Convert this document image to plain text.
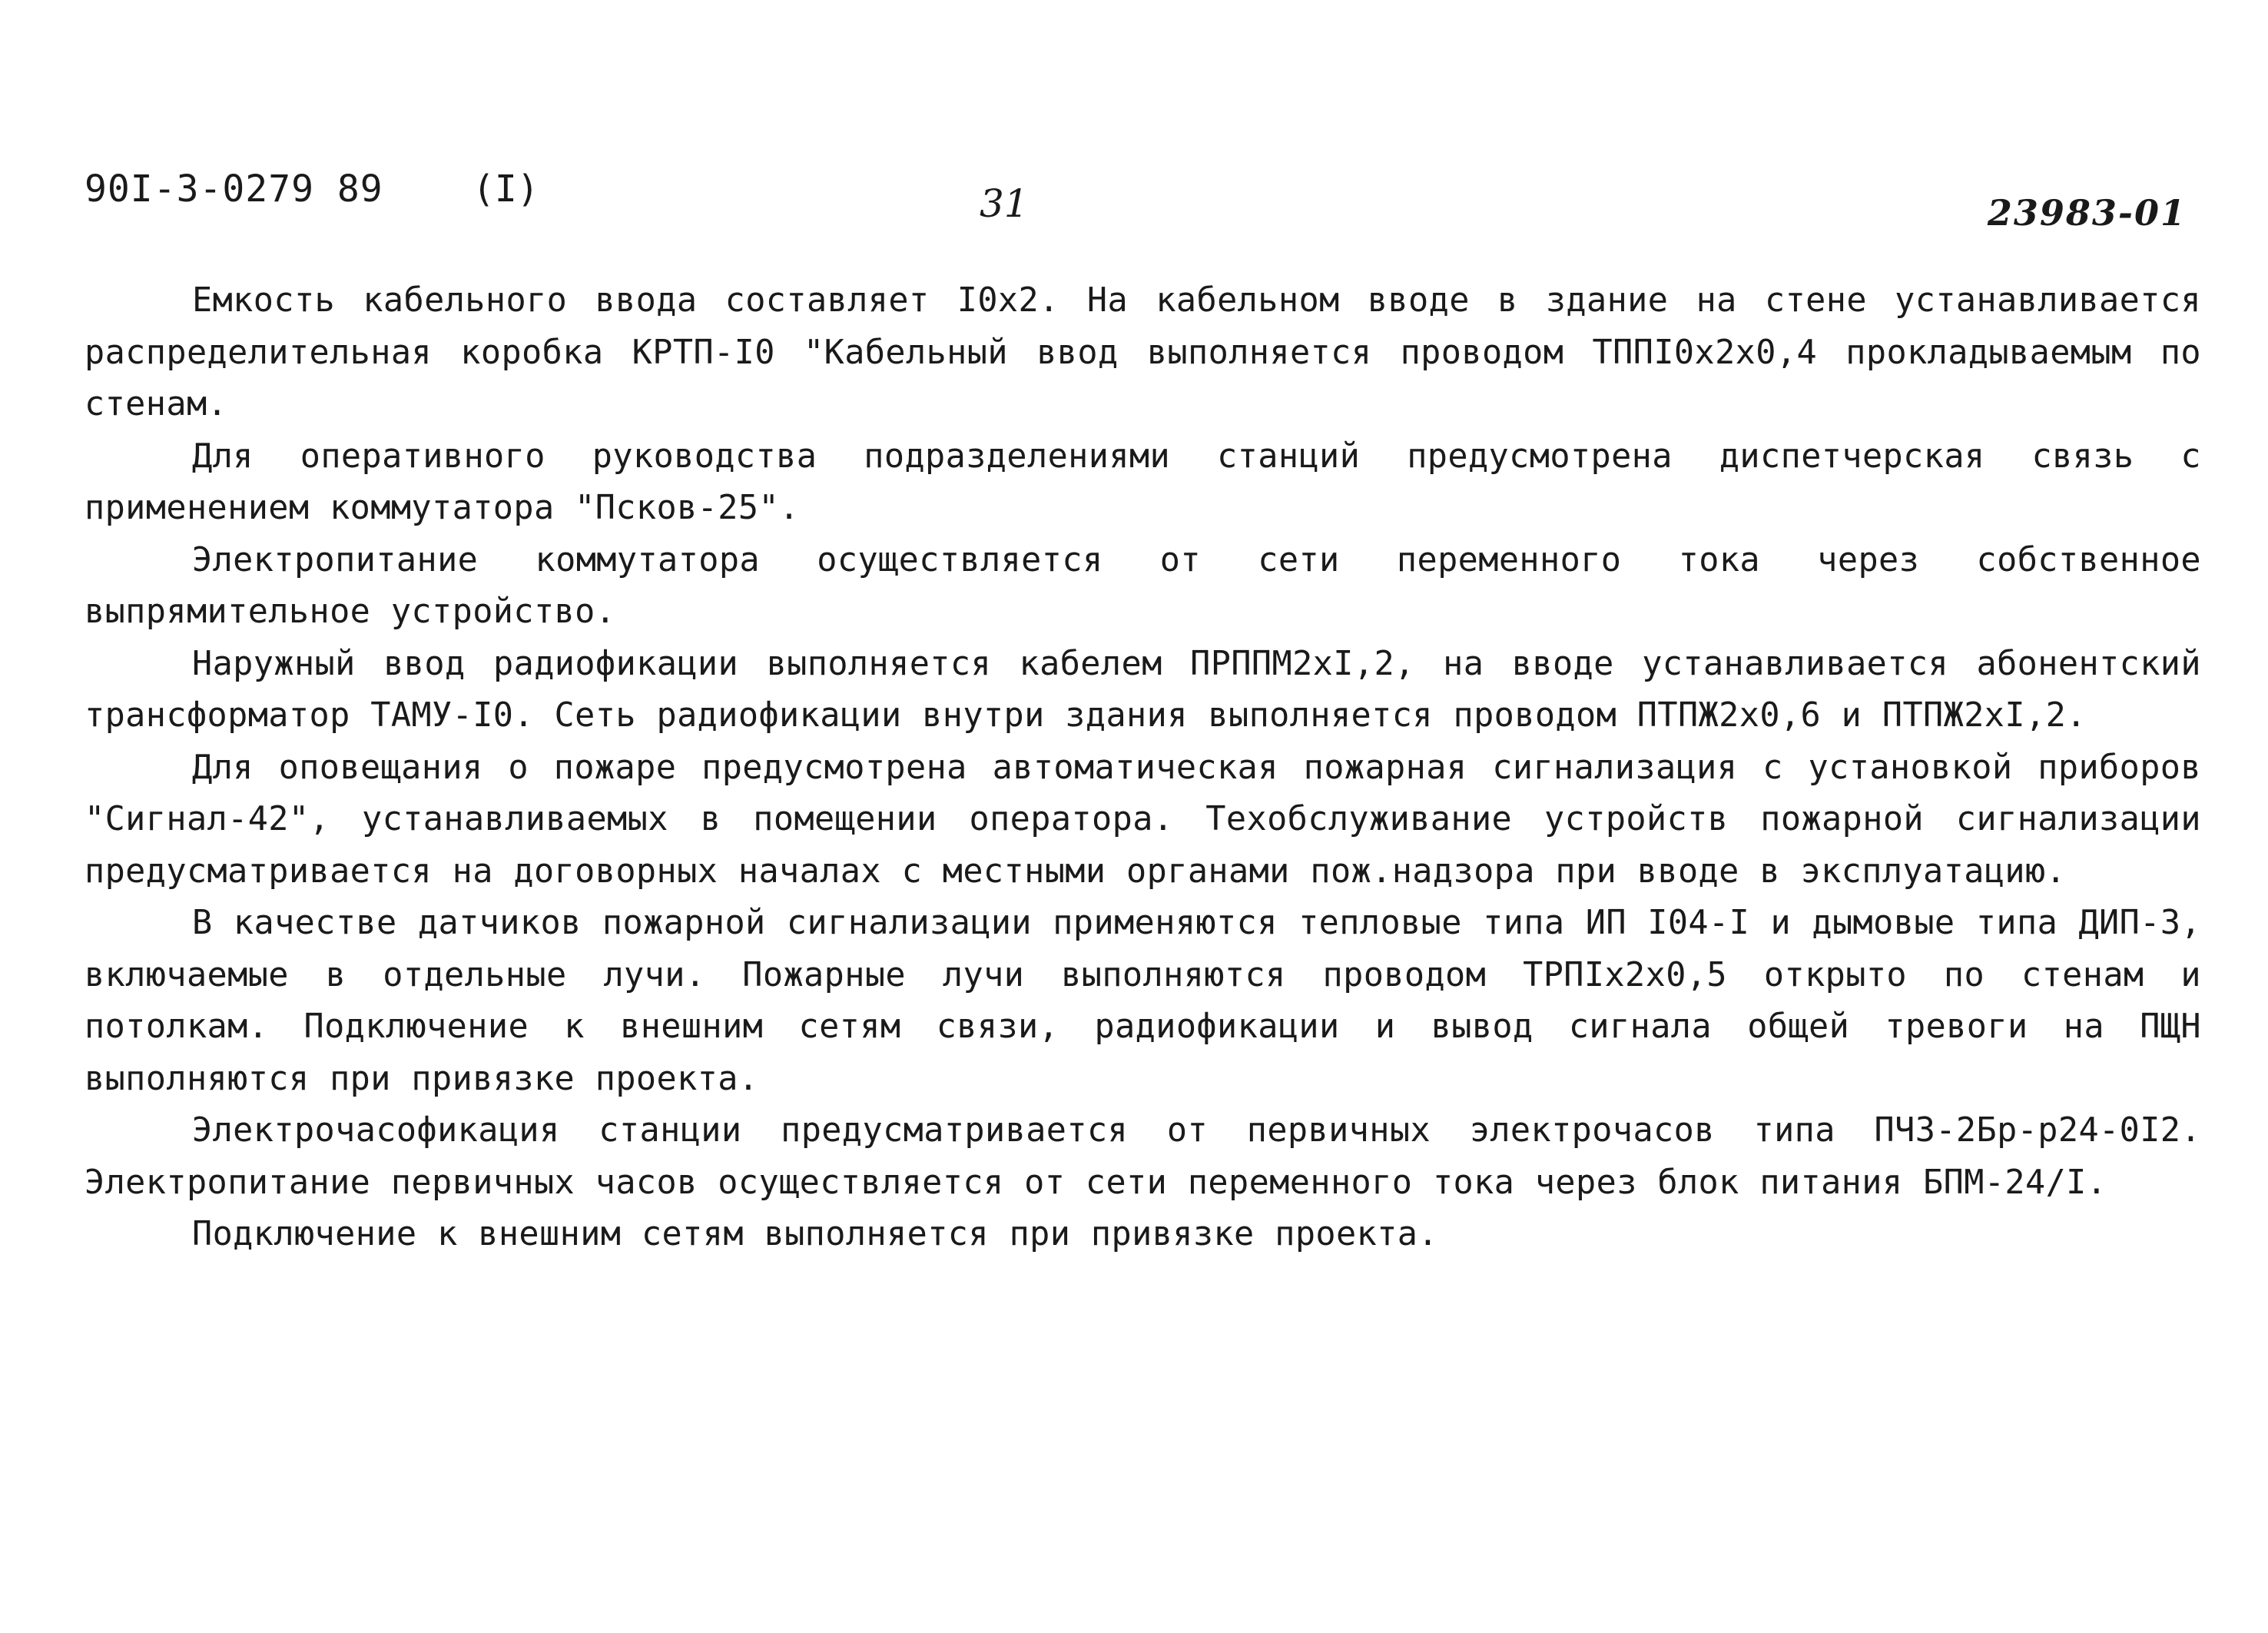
90I-3-0279 89 (I)	31	23983-01

Емкость кабельного ввода составляет I0x2. На кабельном вводе в здание на стене устанавливается распределительная коробка КРТП-I0 "Кабельный ввод выполняется проводом ТППI0x2x0,4 прокладываемым по стенам.

Для оперативного руководства подразделениями станций предусмотрена диспетчерская связь с применением коммутатора "Псков-25".

Электропитание коммутатора осуществляется от сети переменного тока через собственное выпрямительное устройство.

Наружный ввод радиофикации выполняется кабелем ПРППМ2xI,2, на вводе устанавливается абонентский трансформатор ТАМУ-I0. Сеть радиофикации внутри здания выполняется проводом ПТПЖ2x0,6 и ПТПЖ2xI,2.

Для оповещания о пожаре предусмотрена автоматическая пожарная сигнализация с установкой приборов "Сигнал-42", устанавливаемых в помещении оператора. Техобслуживание устройств пожарной сигнализации предусматривается на договорных началах с местными органами пож.надзора при вводе в эксплуатацию.

В качестве датчиков пожарной сигнализации применяются тепловые типа ИП I04-I и дымовые типа ДИП-3, включаемые в отдельные лучи. Пожарные лучи выполняются проводом ТРПIx2x0,5 открыто по стенам и потолкам. Подключение к внешним сетям связи, радиофикации и вывод сигнала общей тревоги на ПЩН выполняются при привязке проекта.

Электрочасофикация станции предусматривается от первичных электрочасов типа ПЧЗ-2Бр-р24-0I2. Электропитание первичных часов осуществляется от сети переменного тока через блок питания БПМ-24/I.

Подключение к внешним сетям выполняется при привязке проекта.
